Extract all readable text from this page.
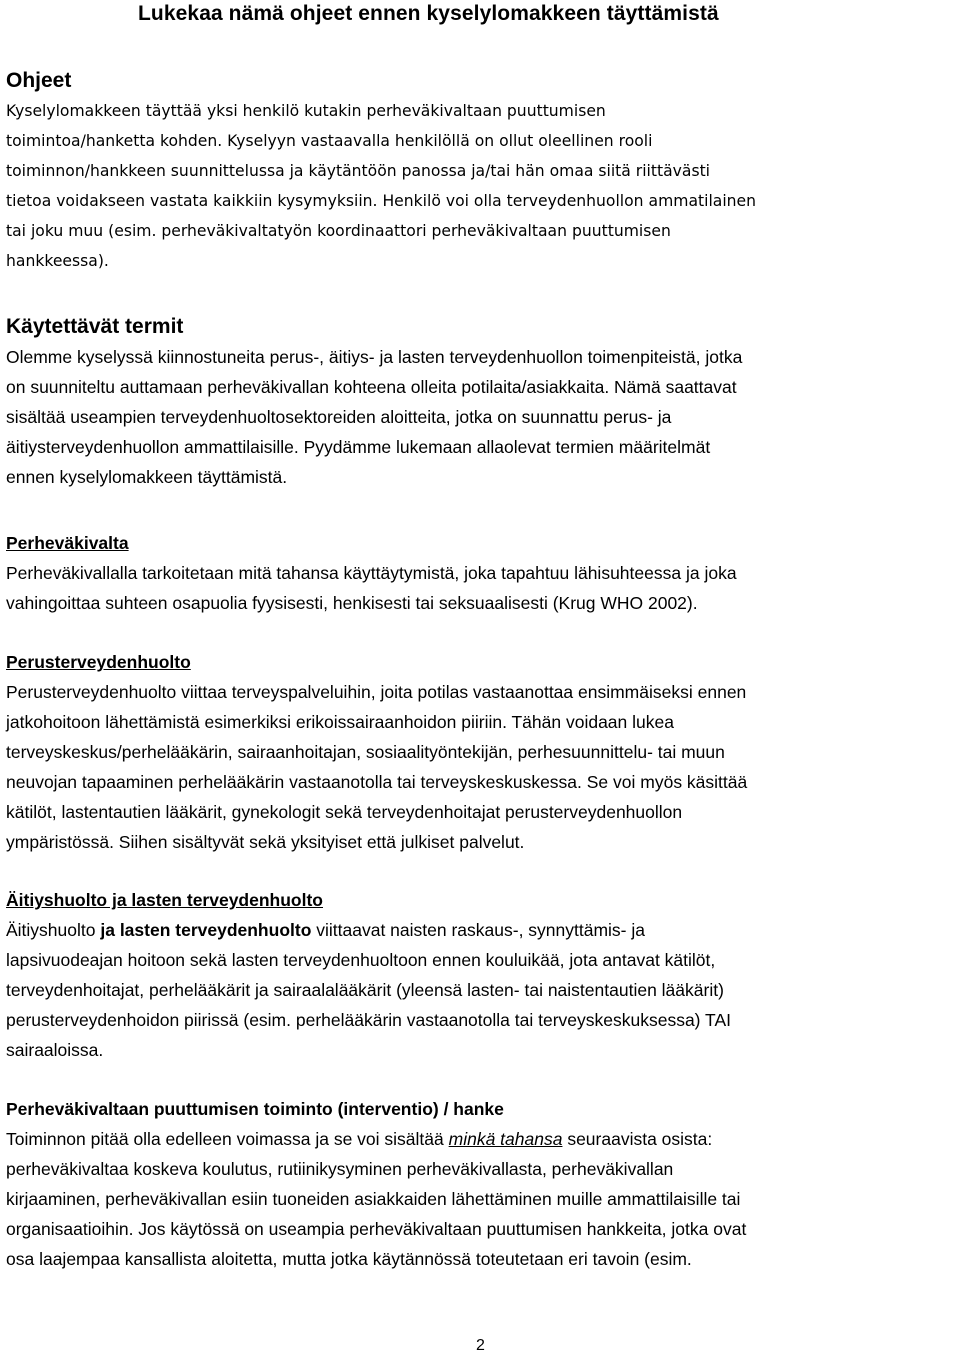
Lukekaa nämä ohjeet ennen kyselylomakkeen täyttämistä
Ohjeet

Kyselylomakkeen täyttää yksi henkilö kutakin perheväkivaltaan puuttumisen
toimintoa/hanketta kohden. Kyselyyn vastaavalla henkilöllä on ollut oleellinen rooli
toiminnon/hankkeen suunnittelussa ja käytäntöön panossa ja/tai hän omaa siitä riittävästi
tietoa voidakseen vastata kaikkiin kysymyksiin. Henkilö voi olla terveydenhuollon ammatilainen
tai joku muu (esim. perheväkivaltatyön koordinaattori perheväkivaltaan puuttumisen
hankkeessa).

Käytettävät termit

Olemme kyselyssä kiinnostuneita perus-, äitiys- ja lasten terveydenhuollon toimenpiteistä, jotka
on suunniteltu auttamaan perheväkivallan kohteena olleita potilaita/asiakkaita. Nämä saattavat
sisältää useampien terveydenhuoltosektoreiden aloitteita, jotka on suunnattu perus- ja
äitiysterveydenhuollon ammattilaisille. Pyydämme lukemaan allaolevat termien määritelmät
ennen kyselylomakkeen täyttämistä.

Perheväkivalta

Perheväkivallalla tarkoitetaan mitä tahansa käyttäytymistä, joka tapahtuu lähisuhteessa ja joka
vahingoittaa suhteen osapuolia fyysisesti, henkisesti tai seksuaalisesti (Krug WHO 2002).

Perusterveydenhuolto

Perusterveydenhuolto viittaa terveyspalveluihin, joita potilas vastaanottaa ensimmäiseksi ennen
jatkohoitoon lähettämistä esimerkiksi erikoissairaanhoidon piiriin. Tähän voidaan lukea
terveyskeskus/perhelääkärin, sairaanhoitajan, sosiaalityöntekijän, perhesuunnittelu- tai muun
neuvojan tapaaminen perhelääkärin vastaanotolla tai terveyskeskuskessa. Se voi myös käsittää
kätilöt, lastentautien lääkärit, gynekologit sekä terveydenhoitajat perusterveydenhuollon
ympäristössä. Siihen sisältyvät sekä yksityiset että julkiset palvelut.

Äitiyshuolto ja lasten terveydenhuolto

Äitiyshuolto ja lasten terveydenhuolto viittaavat naisten raskaus-, synnyttämis- ja
lapsivuodeajan hoitoon sekä lasten terveydenhuoltoon ennen kouluikää, jota antavat kätilöt,
terveydenhoitajat, perhelääkärit ja sairaalalääkärit (yleensä lasten- tai naistentautien lääkärit)
perusterveydenhoidon piirissä (esim. perhelääkärin vastaanotolla tai terveyskeskuksessa) TAI
sairaaloissa.

Perheväkivaltaan puuttumisen toiminto (interventio) / hanke

Toiminnon pitää olla edelleen voimassa ja se voi sisältää minkä tahansa seuraavista osista:
perheväkivaltaa koskeva koulutus, rutiinikysyminen perheväkivallasta, perheväkivallan
kirjaaminen, perheväkivallan esiin tuoneiden asiakkaiden lähettäminen muille ammattilaisille tai
organisaatioihin. Jos käytössä on useampia perheväkivaltaan puuttumisen hankkeita, jotka ovat
osa laajempaa kansallista aloitetta, mutta jotka käytännössä toteutetaan eri tavoin (esim.

2
